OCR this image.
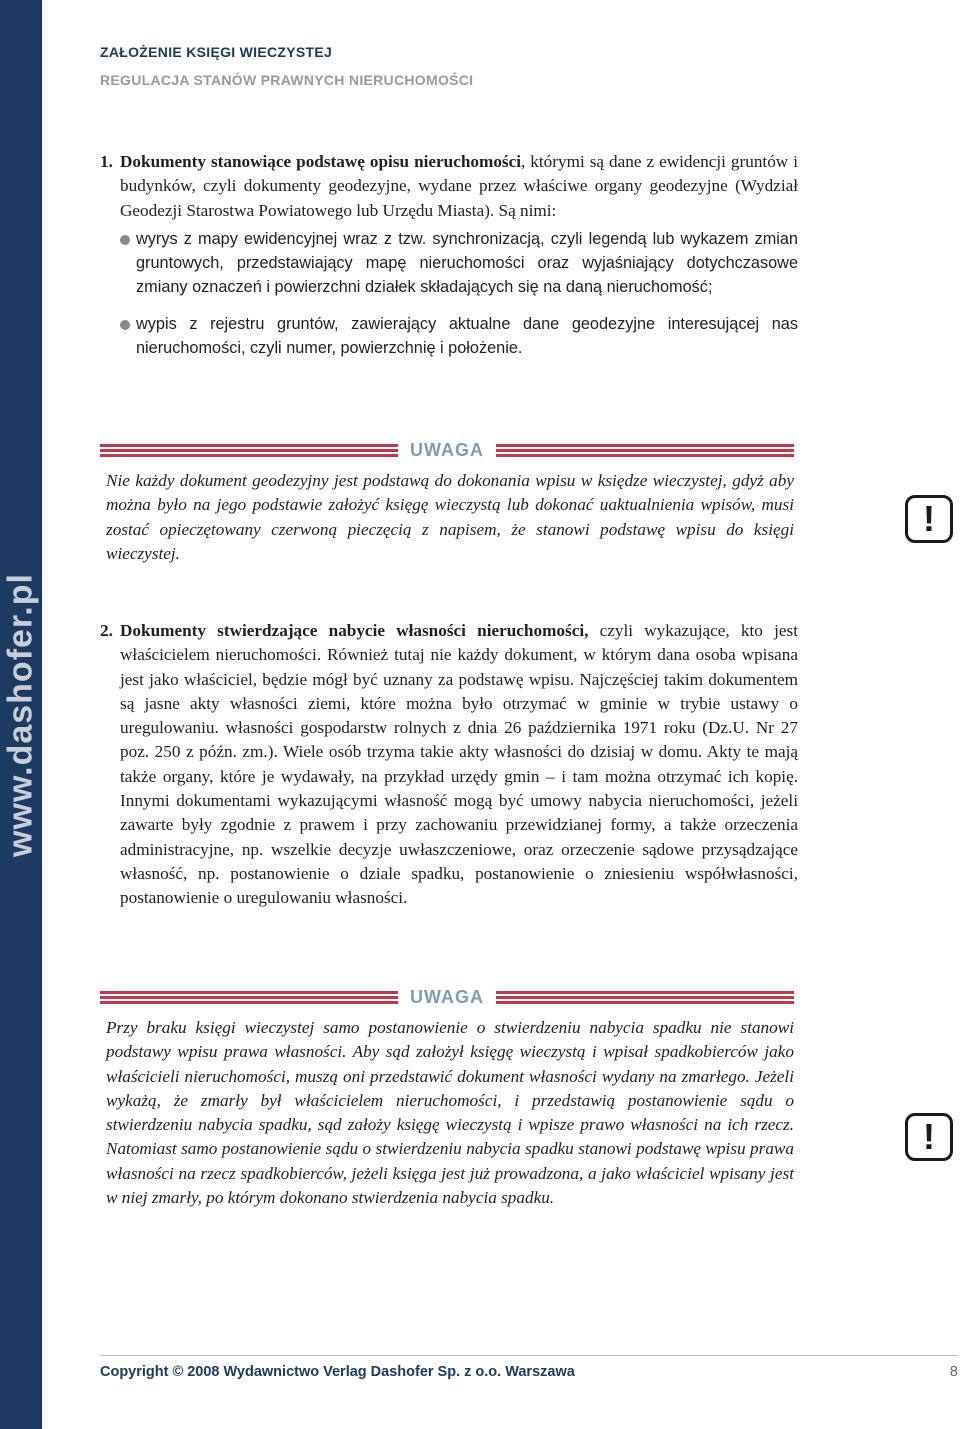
www.dashofer.pl
ZAŁOŻENIE KSIĘGI WIECZYSTEJ
REGULACJA STANÓW PRAWNYCH NIERUCHOMOŚCI
1. Dokumenty stanowiące podstawę opisu nieruchomości, którymi są dane z ewidencji gruntów i budynków, czyli dokumenty geodezyjne, wydane przez właściwe organy geodezyjne (Wydział Geodezji Starostwa Powiatowego lub Urzędu Miasta). Są nimi:
wyrys z mapy ewidencyjnej wraz z tzw. synchronizacją, czyli legendą lub wykazem zmian gruntowych, przedstawiający mapę nieruchomości oraz wyjaśniający dotychczasowe zmiany oznaczeń i powierzchni działek składających się na daną nieruchomość;
wypis z rejestru gruntów, zawierający aktualne dane geodezyjne interesującej nas nieruchomości, czyli numer, powierzchnię i położenie.
UWAGA
Nie każdy dokument geodezyjny jest podstawą do dokonania wpisu w księdze wieczystej, gdyż aby można było na jego podstawie założyć księgę wieczystą lub dokonać uaktualnienia wpisów, musi zostać opieczętowany czerwoną pieczęcią z napisem, że stanowi podstawę wpisu do księgi wieczystej.
!
2. Dokumenty stwierdzające nabycie własności nieruchomości, czyli wykazujące, kto jest właścicielem nieruchomości. Również tutaj nie każdy dokument, w którym dana osoba wpisana jest jako właściciel, będzie mógł być uznany za podstawę wpisu. Najczęściej takim dokumentem są jasne akty własności ziemi, które można było otrzymać w gminie w trybie ustawy o uregulowaniu. własności gospodarstw rolnych z dnia 26 października 1971 roku (Dz.U. Nr 27 poz. 250 z późn. zm.). Wiele osób trzyma takie akty własności do dzisiaj w domu. Akty te mają także organy, które je wydawały, na przykład urzędy gmin – i tam można otrzymać ich kopię. Innymi dokumentami wykazującymi własność mogą być umowy nabycia nieruchomości, jeżeli zawarte były zgodnie z prawem i przy zachowaniu przewidzianej formy, a także orzeczenia administracyjne, np. wszelkie decyzje uwłaszczeniowe, oraz orzeczenie sądowe przysądzające własność, np. postanowienie o dziale spadku, postanowienie o zniesieniu współwłasności, postanowienie o uregulowaniu własności.
UWAGA
Przy braku księgi wieczystej samo postanowienie o stwierdzeniu nabycia spadku nie stanowi podstawy wpisu prawa własności. Aby sąd założył księgę wieczystą i wpisał spadkobierców jako właścicieli nieruchomości, muszą oni przedstawić dokument własności wydany na zmarłego. Jeżeli wykażą, że zmarły był właścicielem nieruchomości, i przedstawią postanowienie sądu o stwierdzeniu nabycia spadku, sąd założy księgę wieczystą i wpisze prawo własności na ich rzecz. Natomiast samo postanowienie sądu o stwierdzeniu nabycia spadku stanowi podstawę wpisu prawa własności na rzecz spadkobierców, jeżeli księga jest już prowadzona, a jako właściciel wpisany jest w niej zmarły, po którym dokonano stwierdzenia nabycia spadku.
!
Copyright © 2008 Wydawnictwo Verlag Dashofer Sp. z o.o. Warszawa	8
